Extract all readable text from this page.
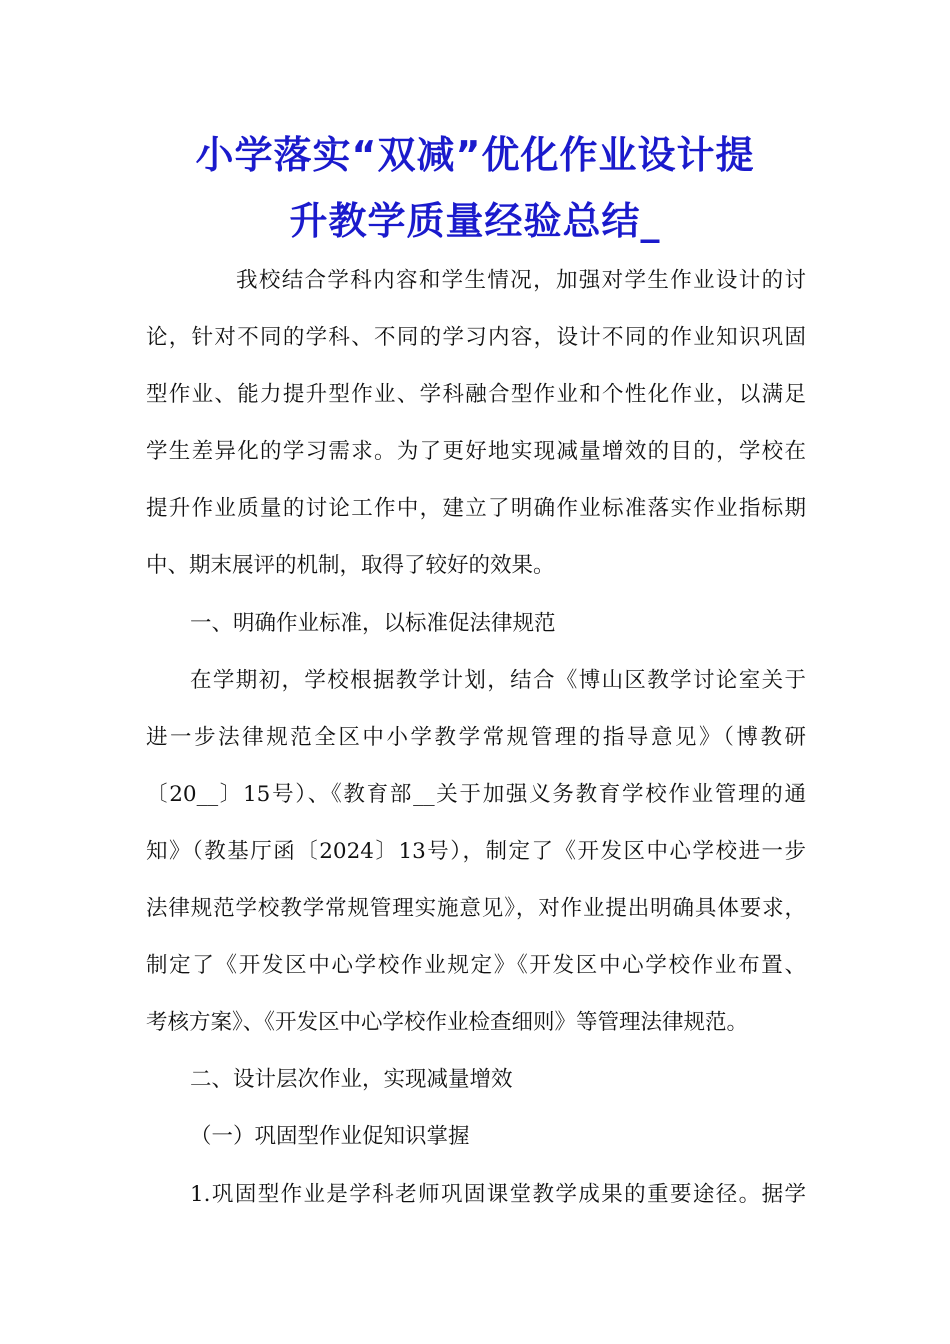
小学落实“双减”优化作业设计提
升教学质量经验总结_
我校结合学科内容和学生情况，加强对学生作业设计的讨
论，针对不同的学科、不同的学习内容，设计不同的作业知识巩固
型作业、能力提升型作业、学科融合型作业和个性化作业，以满足
学生差异化的学习需求。为了更好地实现减量增效的目的，学校在
提升作业质量的讨论工作中，建立了明确作业标准落实作业指标期
中、期末展评的机制，取得了较好的效果。
一、明确作业标准，以标准促法律规范
在学期初，学校根据教学计划，结合《博山区教学讨论室关于
进一步法律规范全区中小学教学常规管理的指导意见》（博教研
〔20__〕15号）、《教育部__关于加强义务教育学校作业管理的通
知》（教基厅函〔2024〕13号），制定了《开发区中心学校进一步
法律规范学校教学常规管理实施意见》，对作业提出明确具体要求，
制定了《开发区中心学校作业规定》《开发区中心学校作业布置、
考核方案》、《开发区中心学校作业检查细则》等管理法律规范。
二、设计层次作业，实现减量增效
（一）巩固型作业促知识掌握
1.巩固型作业是学科老师巩固课堂教学成果的重要途径。据学
